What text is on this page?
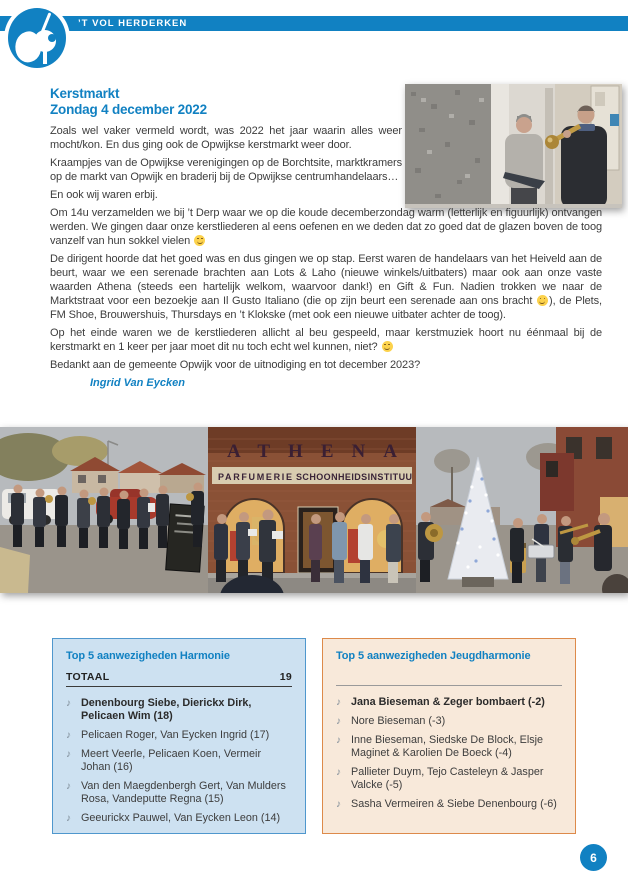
’T VOL HERDERKEN
Kerstmarkt
Zondag 4 december 2022

Zoals wel vaker vermeld wordt, was 2022 het jaar waarin alles weer mocht/kon. En dus ging ook de Opwijkse kerstmarkt weer door.

Kraampjes van de Opwijkse verenigingen op de Borchtsite, marktkramers op de markt van Opwijk en braderij bij de Opwijkse centrumhandelaars…

En ook wij waren erbij.

Om 14u verzamelden we bij ’t Derp waar we op die koude decemberzondag warm (letterlijk en figuurlijk) ontvangen werden. We gingen daar onze kerstliederen al eens oefenen en we deden dat zo goed dat de glazen boven de toog vanzelf van hun sokkel vielen

De dirigent hoorde dat het goed was en dus gingen we op stap. Eerst waren de handelaars van het Heiveld aan de beurt, waar we een serenade brachten aan Lots & Laho (nieuwe winkels/uitbaters) maar ook aan onze vaste waarden Athena (steeds een hartelijk welkom, waarvoor dank!) en Gift & Fun. Nadien trokken we naar de Marktstraat voor een bezoekje aan Il Gusto Italiano (die op zijn beurt een serenade aan ons bracht ), de Plets, FM Shoe, Brouwershuis, Thursdays en ’t Klokske (met ook een nieuwe uitbater achter de toog).

Op het einde waren we de kerstliederen allicht al beu gespeeld, maar kerstmuziek hoort nu éénmaal bij de kerstmarkt en 1 keer per jaar moet dit nu toch echt wel kunnen, niet?

Bedankt aan de gemeente Opwijk voor de uitnodiging en tot december 2023?

Ingrid Van Eycken
ATHENA
PARFUMERIE SCHOONHEIDSINSTITUU
Top 5 aanwezigheden Harmonie
TOTAAL	19
♪ Denenbourg Siebe, Dierickx Dirk, Pelicaen Wim (18)
♪ Pelicaen Roger, Van Eycken Ingrid (17)
♪ Meert Veerle, Pelicaen Koen, Vermeir Johan (16)
♪ Van den Maegdenbergh Gert, Van Mulders Rosa, Vandeputte Regna (15)
♪ Geeurickx Pauwel, Van Eycken Leon (14)
Top 5 aanwezigheden Jeugdharmonie
♪ Jana Bieseman & Zeger bombaert (-2)
♪ Nore Bieseman (-3)
♪ Inne Bieseman, Siedske De Block, Elsje Maginet & Karolien De Boeck (-4)
♪ Pallieter Duym, Tejo Casteleyn & Jasper Valcke (-5)
♪ Sasha Vermeiren & Siebe Denenbourg (-6)
6
